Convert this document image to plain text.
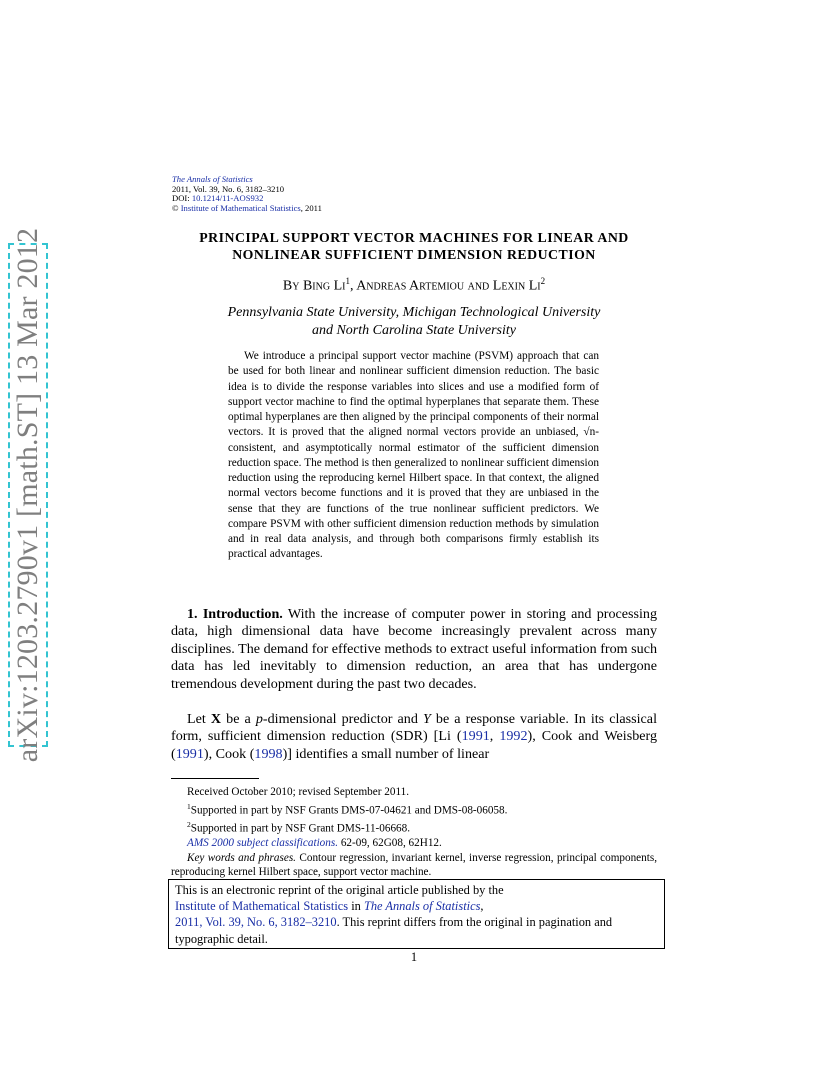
arXiv:1203.2790v1 [math.ST] 13 Mar 2012
The Annals of Statistics
2011, Vol. 39, No. 6, 3182–3210
DOI: 10.1214/11-AOS932
© Institute of Mathematical Statistics, 2011
PRINCIPAL SUPPORT VECTOR MACHINES FOR LINEAR AND
NONLINEAR SUFFICIENT DIMENSION REDUCTION
By Bing Li$^1$, Andreas Artemiou and Lexin Li$^2$
Pennsylvania State University, Michigan Technological University
and North Carolina State University
We introduce a principal support vector machine (PSVM) approach that can be used for both linear and nonlinear sufficient dimension reduction. The basic idea is to divide the response variables into slices and use a modified form of support vector machine to find the optimal hyperplanes that separate them. These optimal hyperplanes are then aligned by the principal components of their normal vectors. It is proved that the aligned normal vectors provide an unbiased, √n-consistent, and asymptotically normal estimator of the sufficient dimension reduction space. The method is then generalized to nonlinear sufficient dimension reduction using the reproducing kernel Hilbert space. In that context, the aligned normal vectors become functions and it is proved that they are unbiased in the sense that they are functions of the true nonlinear sufficient predictors. We compare PSVM with other sufficient dimension reduction methods by simulation and in real data analysis, and through both comparisons firmly establish its practical advantages.
1. Introduction. With the increase of computer power in storing and processing data, high dimensional data have become increasingly prevalent across many disciplines. The demand for effective methods to extract useful information from such data has led inevitably to dimension reduction, an area that has undergone tremendous development during the past two decades.
Let X be a p-dimensional predictor and Y be a response variable. In its classical form, sufficient dimension reduction (SDR) [Li (1991, 1992), Cook and Weisberg (1991), Cook (1998)] identifies a small number of linear

Received October 2010; revised September 2011.

$^1$Supported in part by NSF Grants DMS-07-04621 and DMS-08-06058.

$^2$Supported in part by NSF Grant DMS-11-06668.

AMS 2000 subject classifications. 62-09, 62G08, 62H12.

Key words and phrases. Contour regression, invariant kernel, inverse regression, principal components, reproducing kernel Hilbert space, support vector machine.

This is an electronic reprint of the original article published by the
Institute of Mathematical Statistics in The Annals of Statistics,
2011, Vol. 39, No. 6, 3182–3210. This reprint differs from the original in pagination and typographic detail.
1
